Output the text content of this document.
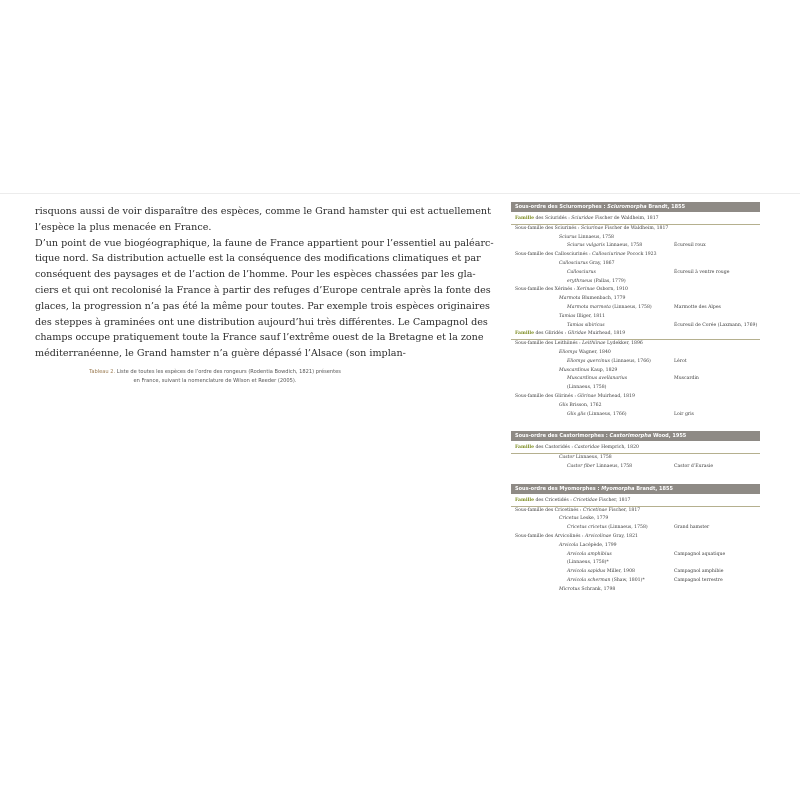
risquons aussi de voir disparaître des espèces, comme le Grand hamster qui est actuellement
l’espèce la plus menacée en France.
D’un point de vue biogéographique, la faune de France appartient pour l’essentiel au paléarc-
tique nord. Sa distribution actuelle est la conséquence des modifications climatiques et par
conséquent des paysages et de l’action de l’homme. Pour les espèces chassées par les gla-
ciers et qui ont recolonisé la France à partir des refuges d’Europe centrale après la fonte des
glaces, la progression n’a pas été la même pour toutes. Par exemple trois espèces originaires
des steppes à graminées ont une distribution aujourd’hui très différentes. Le Campagnol des
champs occupe pratiquement toute la France sauf l’extrême ouest de la Bretagne et la zone
méditerranéenne, le Grand hamster n’a guère dépassé l’Alsace (son implan-

Tableau 2. Liste de toutes les espèces de l’ordre des rongeurs (Rodentia Bowdich, 1821) présentes
en France, suivant la nomenclature de Wilson et Reeder (2005).
Sous-ordre des Sciuromorphes : Sciuromorpha Brandt, 1855
Famille des Sciuridés : Sciuridae Fischer de Waldheim, 1817
Sous-famille des Sciurinés : Sciurinae Fischer de Waldheim, 1817
Sciurus Linnaeus, 1758
Sciurus vulgaris Linnaeus, 1758	Écureuil roux
Sous-famille des Callosciurinés : Callosciurinae Pocock 1923
Callosciurus Gray, 1867
Callosciurus	Écureuil à ventre rouge
erythraeus (Pallas, 1779)
Sous-famille des Xérinés : Xerinae Osborn, 1910
Marmota Blumenbach, 1779
Marmota marmota (Linnaeus, 1758)	Marmotte des Alpes
Tamias Illiger, 1811
Tamias sibiricus	Écureuil de Corée (Laxmann, 1769)
Famille des Gliridés : Gliridae Muirhead, 1819
Sous-famille des Leithiinés : Leithiinae Lydekker, 1896
Eliomys Wagner, 1840
Eliomys quercinus (Linnaeus, 1766)	Lérot
Muscardinus Kaup, 1829
Muscardinus avellanarius	Muscardin
(Linnaeus, 1758)
Sous-famille des Glirinés : Glirinae Muirhead, 1819
Glis Brisson, 1762
Glis glis (Linnaeus, 1766)	Loir gris
Sous-ordre des Castorimorphes : Castorimorpha Wood, 1955
Famille des Castoridés : Castoridae Hemprich, 1820
Castor Linnaeus, 1758
Castor fiber Linnaeus, 1758	Castor d’Eurasie
Sous-ordre des Myomorphes : Myomorpha Brandt, 1855
Famille des Cricetidés : Cricetidae Fischer, 1817
Sous-famille des Cricetinés : Cricetinae Fischer, 1817
Cricetus Leske, 1779
Cricetus cricetus (Linnaeus, 1758)	Grand hamster
Sous-famille des Arvicolinés : Arvicolinae Gray, 1821
Arvicola Lacépède, 1799
Arvicola amphibius	Campagnol aquatique
(Linnaeus, 1758)*
Arvicola sapidus Miller, 1908	Campagnol amphibie
Arvicola scherman (Shaw, 1801)*	Campagnol terrestre
Microtus Schrank, 1798
